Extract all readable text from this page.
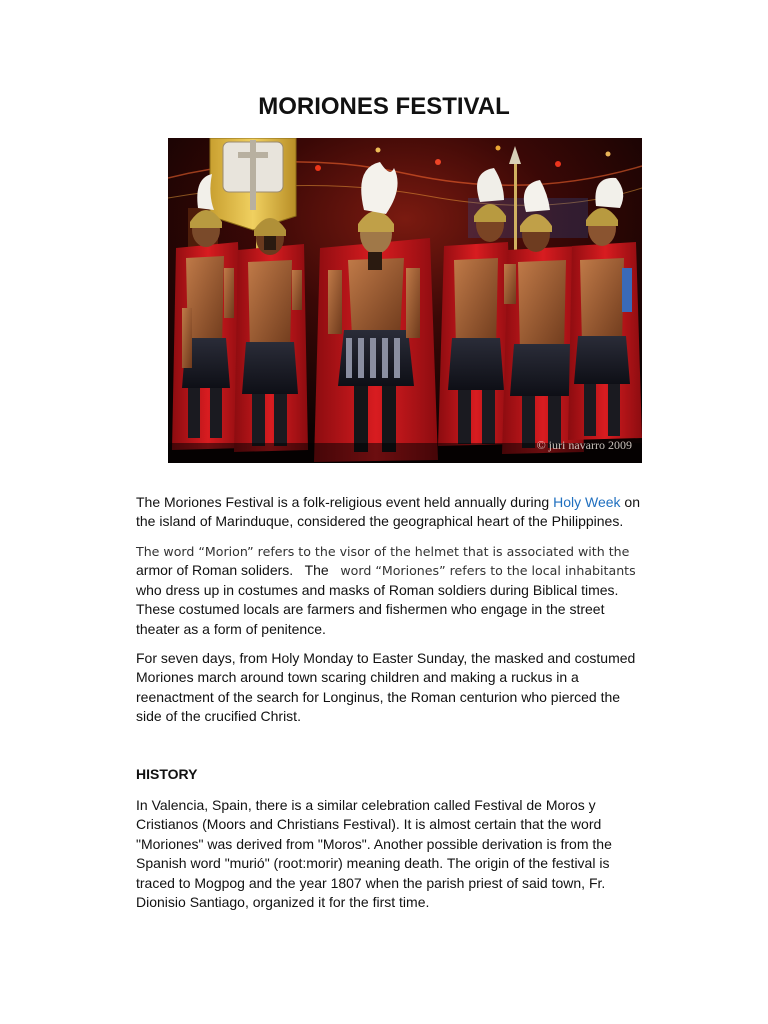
MORIONES FESTIVAL
© juri navarro 2009

The Moriones Festival is a folk-religious event held annually during Holy Week on
the island of Marinduque, considered the geographical heart of the Philippines.

The word “Morion” refers to the visor of the helmet that is associated with the
armor of Roman soliders.   The   word “Moriones” refers to the local inhabitants
who dress up in costumes and masks of Roman soldiers during Biblical times.
These costumed locals are farmers and fishermen who engage in the street
theater as a form of penitence.

For seven days, from Holy Monday to Easter Sunday, the masked and costumed
Moriones march around town scaring children and making a ruckus in a
reenactment of the search for Longinus, the Roman centurion who pierced the
side of the crucified Christ.

HISTORY

In Valencia, Spain, there is a similar celebration called Festival de Moros y
Cristianos (Moors and Christians Festival). It is almost certain that the word
"Moriones" was derived from "Moros". Another possible derivation is from the
Spanish word "murió" (root:morir) meaning death. The origin of the festival is
traced to Mogpog and the year 1807 when the parish priest of said town, Fr.
Dionisio Santiago, organized it for the first time.
